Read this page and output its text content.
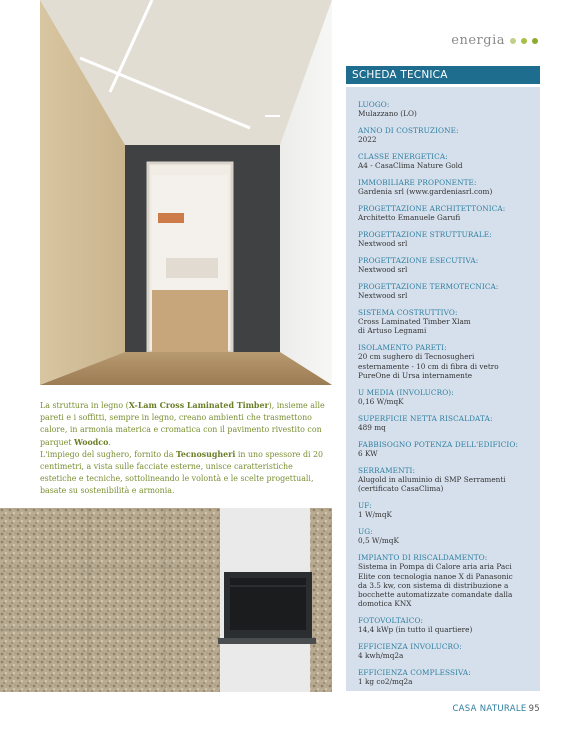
La struttura in legno (X-Lam Cross Laminated Timber), insieme alle pareti e i soffitti, sempre in legno, creano ambienti che trasmettono calore, in armonia materica e cromatica con il pavimento rivestito con parquet Woodco.

L'impiego del sughero, fornito da Tecnosugheri in uno spessore di 20 centimetri, a vista sulle facciate esterne, unisce caratteristiche estetiche e tecniche, sottolineando le volontà e le scelte progettuali, basate su sostenibilità e armonia.

energia
SCHEDA TECNICA
LUOGO:
Mulazzano (LO)
ANNO DI COSTRUZIONE:
2022
CLASSE ENERGETICA:
A4 - CasaClima Nature Gold
IMMOBILIARE PROPONENTE:
Gardenia srl (www.gardeniasrl.com)
PROGETTAZIONE ARCHITETTONICA:
Architetto Emanuele Garufi
PROGETTAZIONE STRUTTURALE:
Nextwood srl
PROGETTAZIONE ESECUTIVA:
Nextwood srl
PROGETTAZIONE TERMOTECNICA:
Nextwood srl
SISTEMA COSTRUTTIVO:
Cross Laminated Timber Xlam
di Artuso Legnami
ISOLAMENTO PARETI:
20 cm sughero di Tecnosugheri
esternamente - 10 cm di fibra di vetro
PureOne di Ursa internamente
U MEDIA (INVOLUCRO):
0,16 W/mqK
SUPERFICIE NETTA RISCALDATA:
489 mq
FABBISOGNO POTENZA DELL'EDIFICIO:
6 KW
SERRAMENTI:
Alugold in alluminio di SMP Serramenti
(certificato CasaClima)
UF:
1 W/mqK
UG:
0,5 W/mqK
IMPIANTO DI RISCALDAMENTO:
Sistema in Pompa di Calore aria aria Paci
Elite con tecnologia nanoe X di Panasonic
da 3.5 kw, con sistema di distribuzione a
bocchette automatizzate comandate dalla
domotica KNX
FOTOVOLTAICO:
14,4 kWp (in tutto il quartiere)
EFFICIENZA INVOLUCRO:
4 kwh/mq2a
EFFICIENZA COMPLESSIVA:
1 kg co2/mq2a
CASA NATURALE 95
